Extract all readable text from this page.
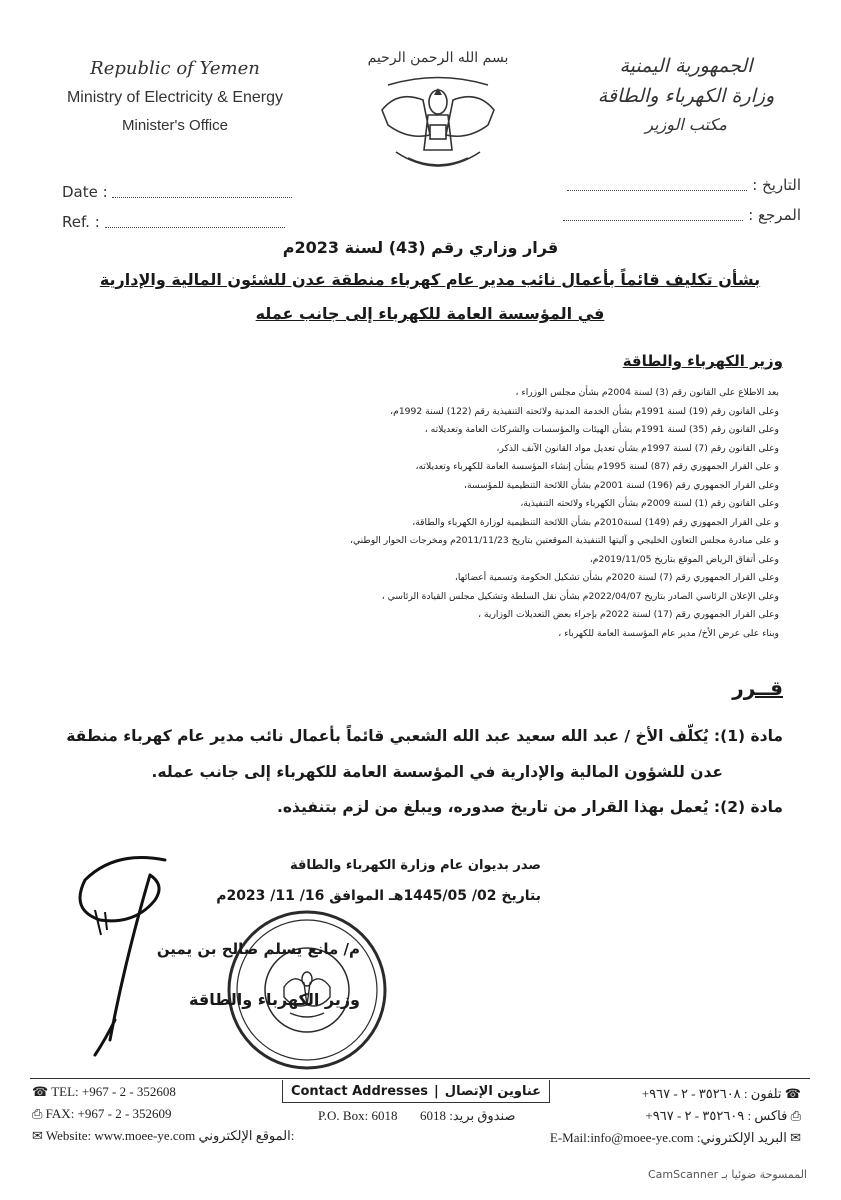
Republic of Yemen
Ministry of Electricity & Energy
Minister's Office
بسم الله الرحمن الرحيم	الجمهورية اليمنية
وزارة الكهرباء والطاقة
مكتب الوزير
Date :
Ref. :
التاريخ :
المرجع :
قرار وزاري رقم (43) لسنة 2023م
بشأن تكليف قائماً بأعمال نائب مدير عام كهرباء منطقة عدن للشئون المالية والإدارية
في المؤسسة العامة للكهرباء إلى جانب عمله
وزير الكهرباء والطاقة
بعد الاطلاع على القانون رقم (3) لسنة 2004م بشأن مجلس الوزراء ،
وعلى القانون رقم (19) لسنة 1991م بشأن الخدمة المدنية ولائحته التنفيذية رقم (122) لسنة 1992م،
وعلى القانون رقم (35) لسنة 1991م بشأن الهيئات والمؤسسات والشركات العامة وتعديلاته ،
وعلى القانون رقم (7) لسنة 1997م بشأن تعديل مواد القانون الآنف الذكر،
و على القرار الجمهوري رقم (87) لسنة 1995م بشأن إنشاء المؤسسة العامة للكهرباء وتعديلاته،
وعلى القرار الجمهوري رقم (196) لسنة 2001م بشأن اللائحة التنظيمية للمؤسسة،
وعلى القانون رقم (1) لسنة 2009م بشأن الكهرباء ولائحته التنفيذية،
و على القرار الجمهوري رقم (149) لسنة2010م بشأن اللائحة التنظيمية لوزارة الكهرباء والطاقة،
و على مبادرة مجلس التعاون الخليجي و آليتها التنفيذية الموقعتين بتاريخ 2011/11/23م ومخرجات الحوار الوطني،
وعلى أتفاق الرياض الموقع بتاريخ 2019/11/05م،
وعلى القرار الجمهوري رقم (7) لسنة 2020م بشأن تشكيل الحكومة وتسمية أعضائها،
وعلى الإعلان الرئاسي الصادر بتاريخ 2022/04/07م بشأن نقل السلطة وتشكيل مجلس القيادة الرئاسي ،
وعلى القرار الجمهوري رقم (17) لسنة 2022م بإجراء بعض التعديلات الوزارية ،
وبناء على عرض الأخ/ مدير عام المؤسسة العامة للكهرباء ،
قــرر
مادة (1): يُكلّف الأخ / عبد الله سعيد عبد الله الشعبي قائماً بأعمال نائب مدير عام كهرباء منطقة
عدن للشؤون المالية والإدارية في المؤسسة العامة للكهرباء إلى جانب عمله.
مادة (2): يُعمل بهذا القرار من تاريخ صدوره، ويبلغ من لزم بتنفيذه.
صدر بديوان عام وزارة الكهرباء والطاقة
بتاريخ 02/ 1445/05هـ الموافق 16/ 11/ 2023م
م/ مانع يسلم صالح بن يمين
وزير الكهرباء والطاقة
Contact Addresses | عناوين الإتصال
☎ TEL: +967 - 2 - 352608
⎙ FAX: +967 - 2 - 352609
✉ Website: www.moee-ye.com الموقع الإلكتروني:
P.O. Box: 6018 صندوق بريد: 6018
☎ تلفون : ٣٥٢٦٠٨ - ٢ - ٩٦٧+
⎙ فاكس : ٣٥٢٦٠٩ - ٢ - ٩٦٧+
✉ البريد الإلكتروني: E-Mail:info@moee-ye.com
الممسوحة ضوئيا بـ CamScanner
